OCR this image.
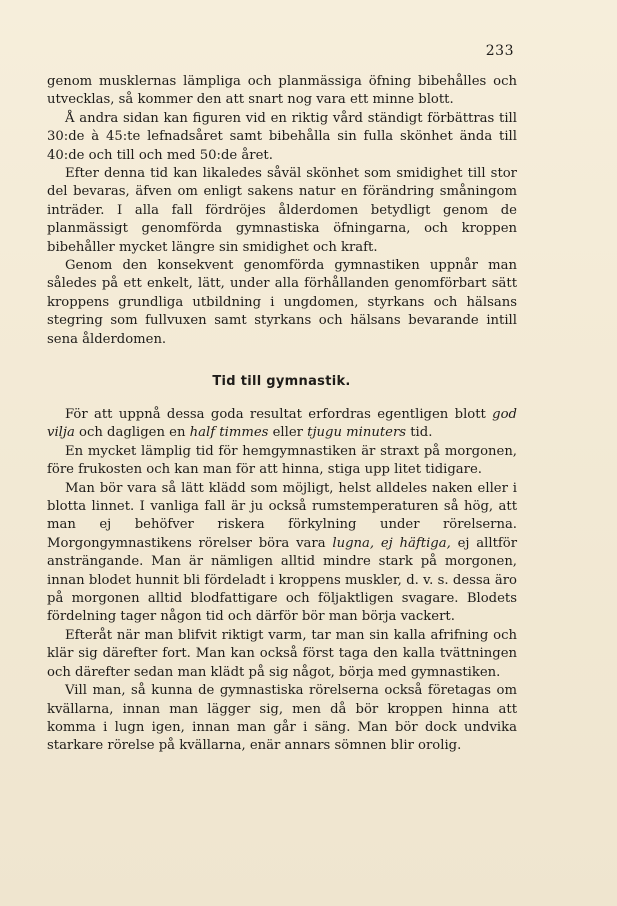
233

genom musklernas lämpliga och planmässiga öfning bibehålles och utvecklas, så kommer den att snart nog vara ett minne blott.

Å andra sidan kan figuren vid en riktig vård ständigt förbättras till 30:de à 45:te lefnadsåret samt bibehålla sin fulla skönhet ända till 40:de och till och med 50:de året.

Efter denna tid kan likaledes såväl skönhet som smidighet till stor del bevaras, äfven om enligt sakens natur en förändring småningom inträder. I alla fall fördröjes ålderdomen betydligt genom de planmässigt genomförda gymnastiska öfningarna, och kroppen bibehåller mycket längre sin smidighet och kraft.

Genom den konsekvent genomförda gymnastiken uppnår man således på ett enkelt, lätt, under alla förhållanden genomförbart sätt kroppens grundliga utbildning i ungdomen, styrkans och hälsans stegring som fullvuxen samt styrkans och hälsans bevarande intill sena ålderdomen.

Tid till gymnastik.

För att uppnå dessa goda resultat erfordras egentligen blott god vilja och dagligen en half timmes eller tjugu minuters tid.

En mycket lämplig tid för hemgymnastiken är straxt på morgonen, före frukosten och kan man för att hinna, stiga upp litet tidigare.

Man bör vara så lätt klädd som möjligt, helst alldeles naken eller i blotta linnet. I vanliga fall är ju också rumstemperaturen så hög, att man ej behöfver riskera förkylning under rörelserna. Morgongymnastikens rörelser böra vara lugna, ej häftiga, ej alltför ansträngande. Man är nämligen alltid mindre stark på morgonen, innan blodet hunnit bli fördeladt i kroppens muskler, d. v. s. dessa äro på morgonen alltid blodfattigare och följaktligen svagare. Blodets fördelning tager någon tid och därför bör man börja vackert.

Efteråt när man blifvit riktigt varm, tar man sin kalla afrifning och klär sig därefter fort. Man kan också först taga den kalla tvättningen och därefter sedan man klädt på sig något, börja med gymnastiken.

Vill man, så kunna de gymnastiska rörelserna också företagas om kvällarna, innan man lägger sig, men då bör kroppen hinna att komma i lugn igen, innan man går i säng. Man bör dock undvika starkare rörelse på kvällarna, enär annars sömnen blir orolig.
